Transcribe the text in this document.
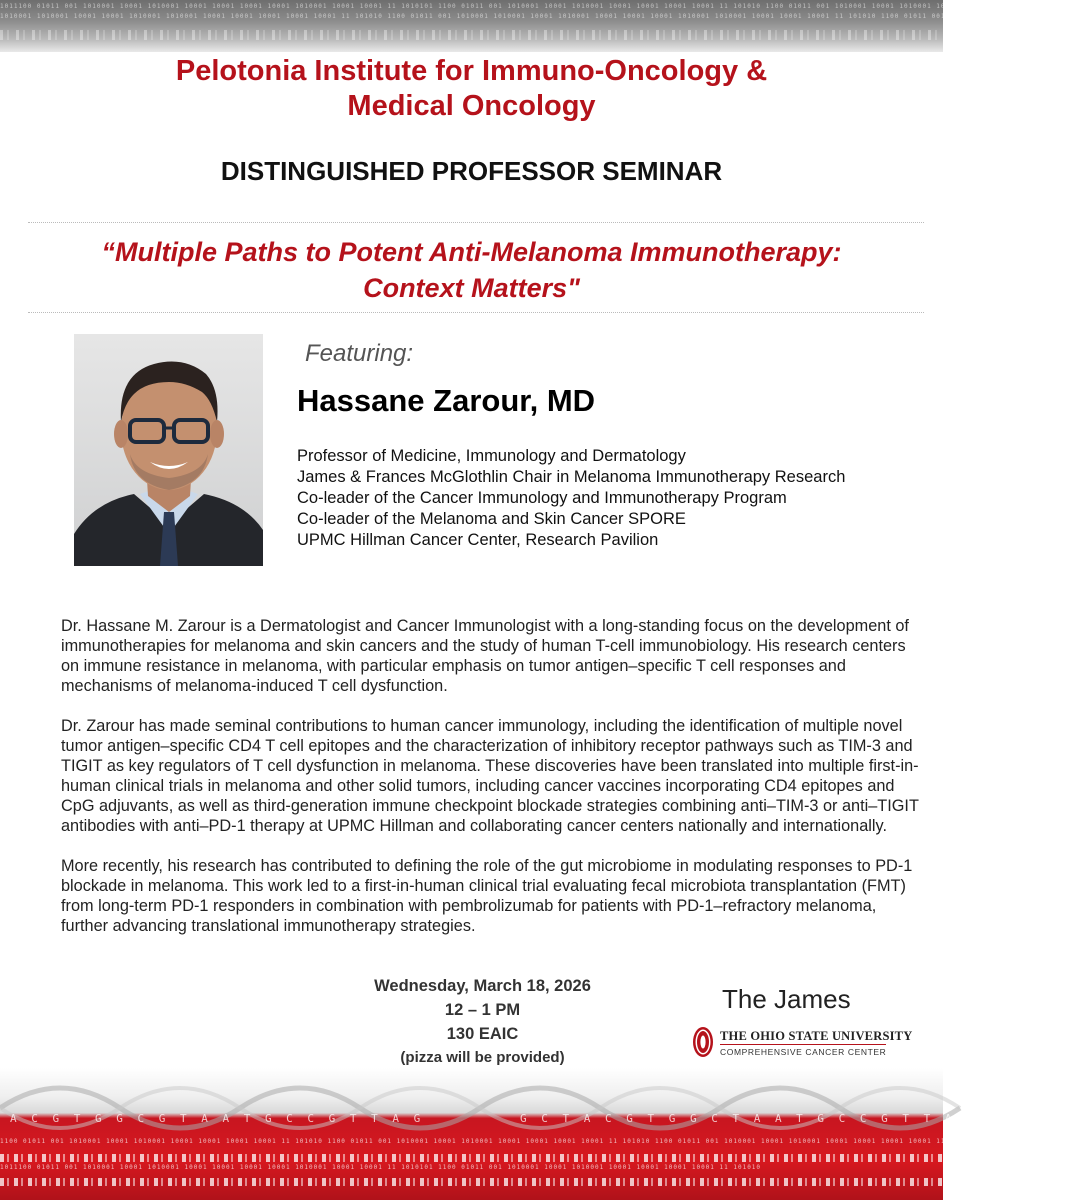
1011100 01011 001 1010001 10001 1010001 10001 10001 10001 10001 1010001 10001 10001 11 1010101 1100 01011 001 1010001 10001 1010001 10001 10001 10001 10001 11 101010 1100 01011 001 1010001 10001 1010001 10001 10001 10001 10001 11 101010
1010001 1010001 10001 10001 1010001 1010001 10001 10001 10001 10001 10001 11 101010 1100 01011 001 1010001 1010001 10001 1010001 10001 10001 10001 1010001 1010001 10001 10001 10001 11 101010 1100 01011 001 1010001
Pelotonia Institute for Immuno-Oncology &
Medical Oncology
DISTINGUISHED PROFESSOR SEMINAR
“Multiple Paths to Potent Anti-Melanoma Immunotherapy:
Context Matters"
Featuring:
Hassane Zarour, MD
Professor of Medicine, Immunology and Dermatology
James & Frances McGlothlin Chair in Melanoma Immunotherapy Research
Co-leader of the Cancer Immunology and Immunotherapy Program
Co-leader of the Melanoma and Skin Cancer SPORE
UPMC Hillman Cancer Center, Research Pavilion

Dr. Hassane M. Zarour is a Dermatologist and Cancer Immunologist with a long-standing focus on the development of immunotherapies for melanoma and skin cancers and the study of human T-cell immunobiology. His research centers on immune resistance in melanoma, with particular emphasis on tumor antigen–specific T cell responses and mechanisms of melanoma-induced T cell dysfunction.

Dr. Zarour has made seminal contributions to human cancer immunology, including the identification of multiple novel tumor antigen–specific CD4 T cell epitopes and the characterization of inhibitory receptor pathways such as TIM-3 and TIGIT as key regulators of T cell dysfunction in melanoma. These discoveries have been translated into multiple first-in-human clinical trials in melanoma and other solid tumors, including cancer vaccines incorporating CD4 epitopes and CpG adjuvants, as well as third-generation immune checkpoint blockade strategies combining anti–TIM-3 or anti–TIGIT antibodies with anti–PD-1 therapy at UPMC Hillman and collaborating cancer centers nationally and internationally.

More recently, his research has contributed to defining the role of the gut microbiome in modulating responses to PD-1 blockade in melanoma. This work led to a first-in-human clinical trial evaluating fecal microbiota transplantation (FMT) from long-term PD-1 responders in combination with pembrolizumab for patients with PD-1–refractory melanoma, further advancing translational immunotherapy strategies.

Wednesday, March 18, 2026
12 – 1 PM
130 EAIC
(pizza will be provided)
The James
THE OHIO STATE UNIVERSITY
COMPREHENSIVE CANCER CENTER
A C G T G G C G T A A T G C C G T T A G	G C T A C G T G G C T A A T G C C G T T A G
1100 01011 001 1010001 10001 1010001 10001 10001 10001 10001 11 101010 1100 01011 001 1010001 10001 1010001 10001 10001 10001 10001 11 101010 1100 01011 001 1010001 10001 1010001 10001 10001 10001 10001 11 101010 1100 01011 001 1010001
1011100 01011 001 1010001 10001 1010001 10001 10001 10001 10001 1010001 10001 10001 11 1010101 1100 01011 001 1010001 10001 1010001 10001 10001 10001 10001 11 101010
